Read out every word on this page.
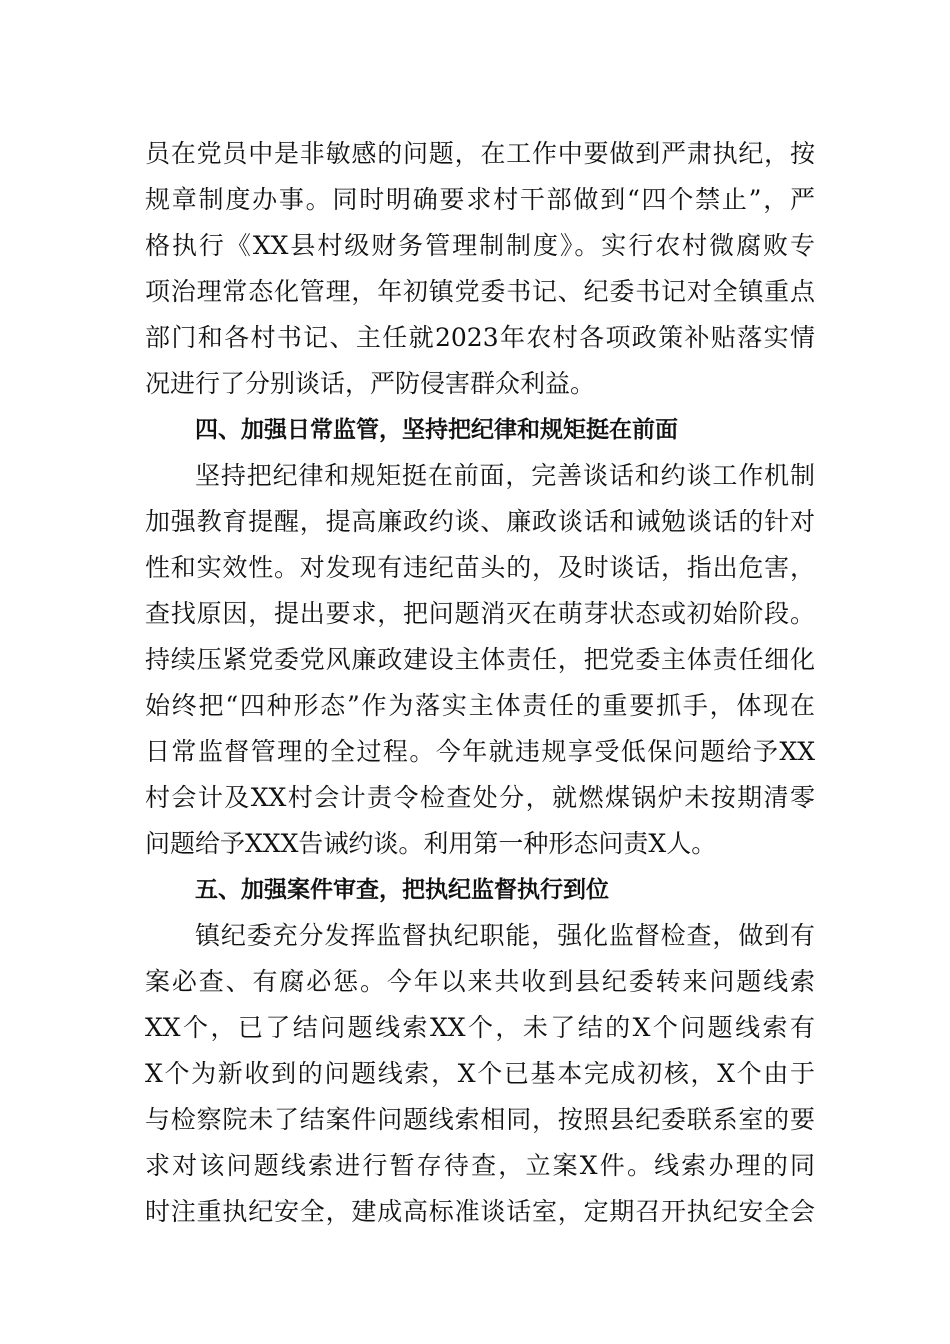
员在党员中是非敏感的问题，在工作中要做到严肃执纪，按
规章制度办事。同时明确要求村干部做到“四个禁止”，严
格执行《XX县村级财务管理制制度》。实行农村微腐败专
项治理常态化管理，年初镇党委书记、纪委书记对全镇重点
部门和各村书记、主任就2023年农村各项政策补贴落实情
况进行了分别谈话，严防侵害群众利益。
四、加强日常监管，坚持把纪律和规矩挺在前面
坚持把纪律和规矩挺在前面，完善谈话和约谈工作机制
加强教育提醒，提高廉政约谈、廉政谈话和诫勉谈话的针对
性和实效性。对发现有违纪苗头的，及时谈话，指出危害，
查找原因，提出要求，把问题消灭在萌芽状态或初始阶段。
持续压紧党委党风廉政建设主体责任，把党委主体责任细化
始终把“四种形态”作为落实主体责任的重要抓手，体现在
日常监督管理的全过程。今年就违规享受低保问题给予XX
村会计及XX村会计责令检查处分，就燃煤锅炉未按期清零
问题给予XXX告诫约谈。利用第一种形态问责X人。
五、加强案件审查，把执纪监督执行到位
镇纪委充分发挥监督执纪职能，强化监督检查，做到有
案必查、有腐必惩。今年以来共收到县纪委转来问题线索
XX个，已了结问题线索XX个，未了结的X个问题线索有
X个为新收到的问题线索，X个已基本完成初核，X个由于
与检察院未了结案件问题线索相同，按照县纪委联系室的要
求对该问题线索进行暂存待查，立案X件。线索办理的同
时注重执纪安全，建成高标准谈话室，定期召开执纪安全会
